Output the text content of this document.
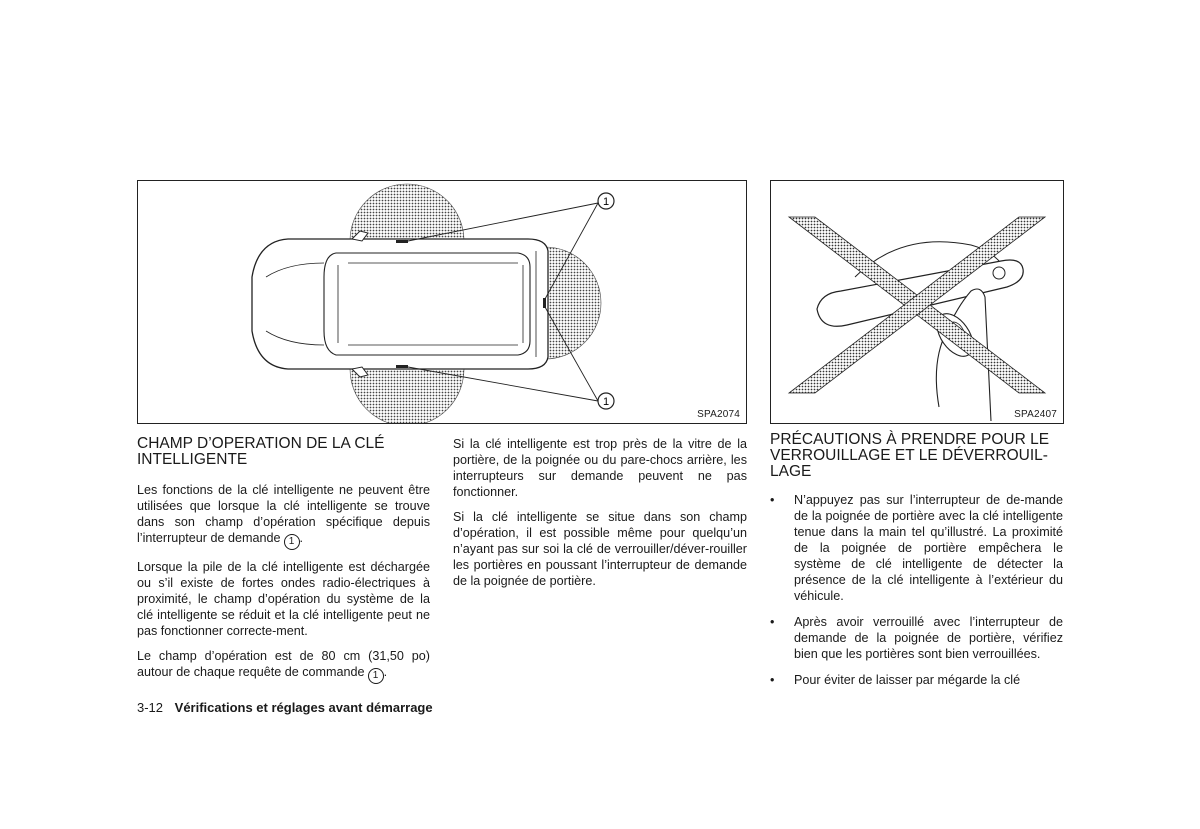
1
1
SPA2074	SPA2407
CHAMP D’OPERATION DE LA CLÉ INTELLIGENTE

Les fonctions de la clé intelligente ne peuvent être utilisées que lorsque la clé intelligente se trouve dans son champ d’opération spécifique depuis l’interrupteur de demande 1 .

Lorsque la pile de la clé intelligente est déchargée ou s’il existe de fortes ondes radio-électriques à proximité, le champ d’opération du système de la clé intelligente se réduit et la clé intelligente peut ne pas fonctionner correcte-ment.

Le champ d’opération est de 80 cm (31,50 po) autour de chaque requête de commande 1 .

Si la clé intelligente est trop près de la vitre de la portière, de la poignée ou du pare-chocs arrière, les interrupteurs sur demande peuvent ne pas fonctionner.

Si la clé intelligente se situe dans son champ d’opération, il est possible même pour quelqu’un n’ayant pas sur soi la clé de verrouiller/déver-rouiller les portières en poussant l’interrupteur de demande de la poignée de portière.

PRÉCAUTIONS À PRENDRE POUR LE VERROUILLAGE ET LE DÉVERROUIL-LAGE
• N’appuyez pas sur l’interrupteur de de-mande de la poignée de portière avec la clé intelligente tenue dans la main tel qu’illustré. La proximité de la poignée de portière empêchera le système de clé intelligente de détecter la présence de la clé intelligente à l’extérieur du véhicule.
• Après avoir verrouillé avec l’interrupteur de demande de la poignée de portière, vérifiez bien que les portières sont bien verrouillées.
• Pour éviter de laisser par mégarde la clé
3-12 Vérifications et réglages avant démarrage
